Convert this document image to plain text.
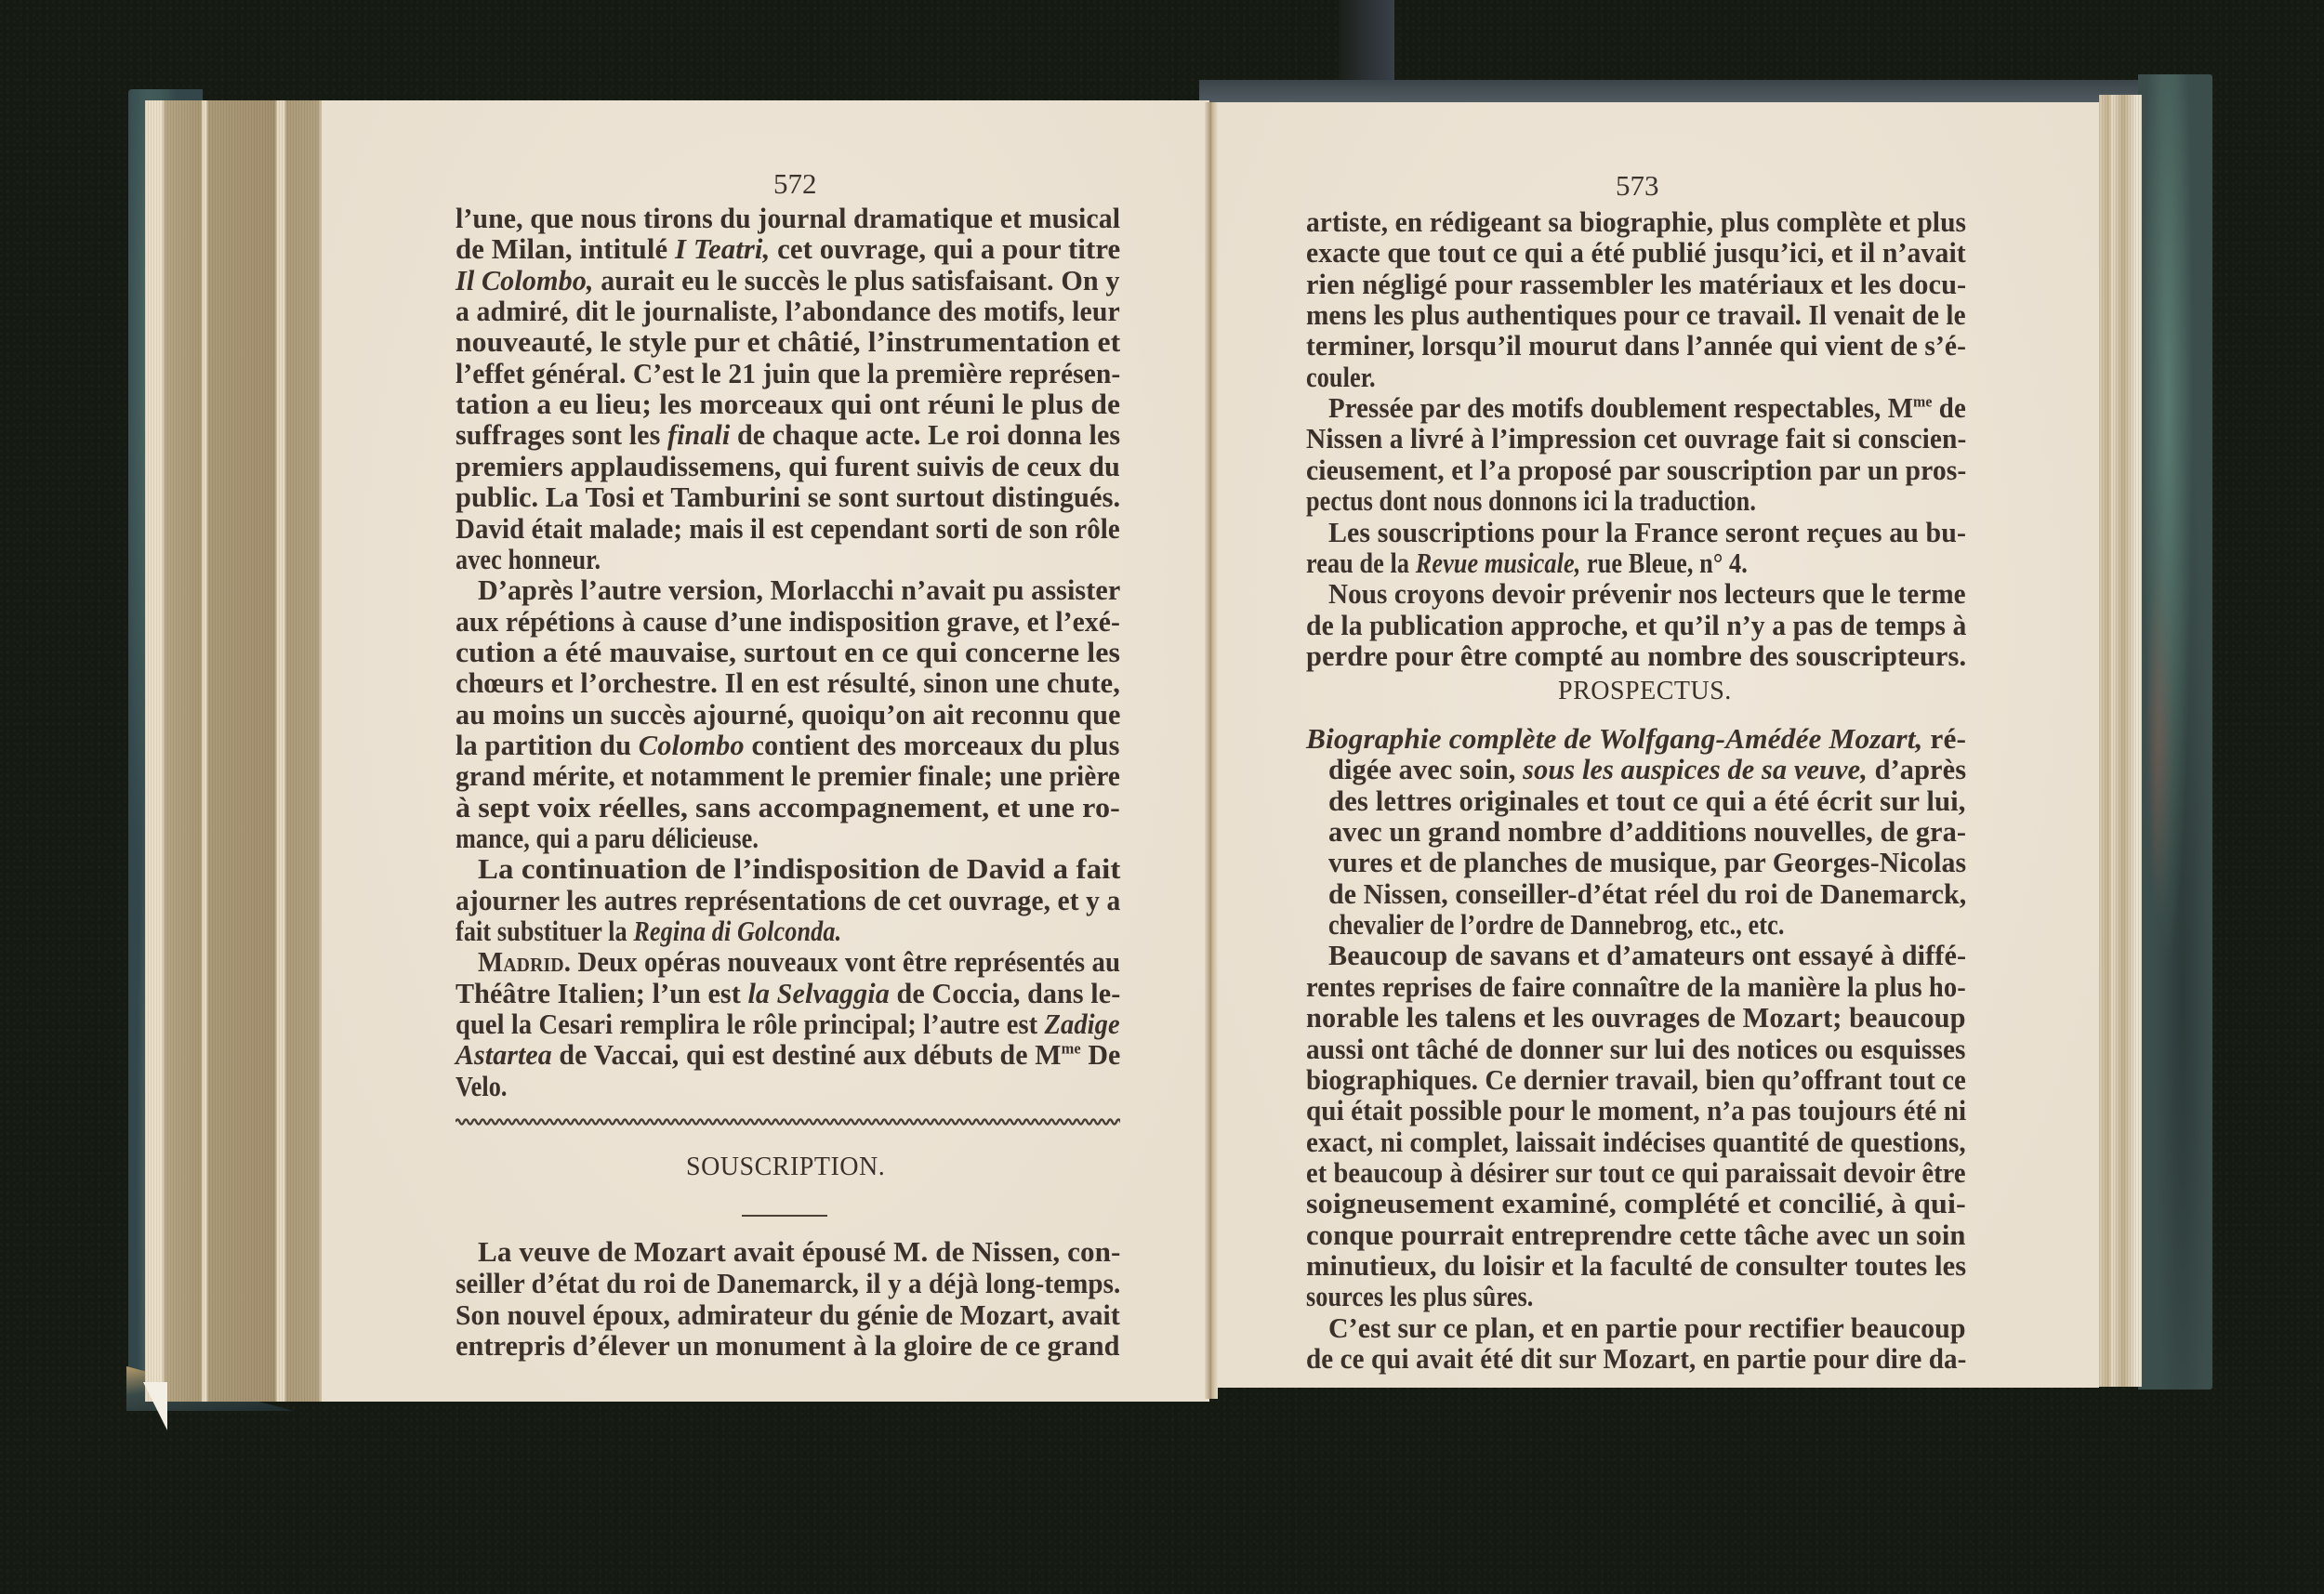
572	573
l’une, que nous tirons du journal dramatique et musical
de Milan, intitulé I Teatri, cet ouvrage, qui a pour titre
Il Colombo, aurait eu le succès le plus satisfaisant. On y
a admiré, dit le journaliste, l’abondance des motifs, leur
nouveauté, le style pur et châtié, l’instrumentation et
l’effet général. C’est le 21 juin que la première représen-
tation a eu lieu; les morceaux qui ont réuni le plus de
suffrages sont les finali de chaque acte. Le roi donna les
premiers applaudissemens, qui furent suivis de ceux du
public. La Tosi et Tamburini se sont surtout distingués.
David était malade; mais il est cependant sorti de son rôle
avec honneur.
D’après l’autre version, Morlacchi n’avait pu assister
aux répétions à cause d’une indisposition grave, et l’exé-
cution a été mauvaise, surtout en ce qui concerne les
chœurs et l’orchestre. Il en est résulté, sinon une chute,
au moins un succès ajourné, quoiqu’on ait reconnu que
la partition du Colombo contient des morceaux du plus
grand mérite, et notamment le premier finale; une prière
à sept voix réelles, sans accompagnement, et une ro-
mance, qui a paru délicieuse.
La continuation de l’indisposition de David a fait
ajourner les autres représentations de cet ouvrage, et y a
fait substituer la Regina di Golconda.
Madrid. Deux opéras nouveaux vont être représentés au
Théâtre Italien; l’un est la Selvaggia de Coccia, dans le-
quel la Cesari remplira le rôle principal; l’autre est Zadige
Astartea de Vaccai, qui est destiné aux débuts de $M^{me}$ De
Velo.
SOUSCRIPTION.
La veuve de Mozart avait épousé M. de Nissen, con-
seiller d’état du roi de Danemarck, il y a déjà long-temps.
Son nouvel époux, admirateur du génie de Mozart, avait
entrepris d’élever un monument à la gloire de ce grand
artiste, en rédigeant sa biographie, plus complète et plus
exacte que tout ce qui a été publié jusqu’ici, et il n’avait
rien négligé pour rassembler les matériaux et les docu-
mens les plus authentiques pour ce travail. Il venait de le
terminer, lorsqu’il mourut dans l’année qui vient de s’é-
couler.
Pressée par des motifs doublement respectables, $M^{me}$ de
Nissen a livré à l’impression cet ouvrage fait si conscien-
cieusement, et l’a proposé par souscription par un pros-
pectus dont nous donnons ici la traduction.
Les souscriptions pour la France seront reçues au bu-
reau de la Revue musicale, rue Bleue, n° 4.
Nous croyons devoir prévenir nos lecteurs que le terme
de la publication approche, et qu’il n’y a pas de temps à
perdre pour être compté au nombre des souscripteurs.
PROSPECTUS.
Biographie complète de Wolfgang-Amédée Mozart, ré-
digée avec soin, sous les auspices de sa veuve, d’après
des lettres originales et tout ce qui a été écrit sur lui,
avec un grand nombre d’additions nouvelles, de gra-
vures et de planches de musique, par Georges-Nicolas
de Nissen, conseiller-d’état réel du roi de Danemarck,
chevalier de l’ordre de Dannebrog, etc., etc.
Beaucoup de savans et d’amateurs ont essayé à diffé-
rentes reprises de faire connaître de la manière la plus ho-
norable les talens et les ouvrages de Mozart; beaucoup
aussi ont tâché de donner sur lui des notices ou esquisses
biographiques. Ce dernier travail, bien qu’offrant tout ce
qui était possible pour le moment, n’a pas toujours été ni
exact, ni complet, laissait indécises quantité de questions,
et beaucoup à désirer sur tout ce qui paraissait devoir être
soigneusement examiné, complété et concilié, à qui-
conque pourrait entreprendre cette tâche avec un soin
minutieux, du loisir et la faculté de consulter toutes les
sources les plus sûres.
C’est sur ce plan, et en partie pour rectifier beaucoup
de ce qui avait été dit sur Mozart, en partie pour dire da-
